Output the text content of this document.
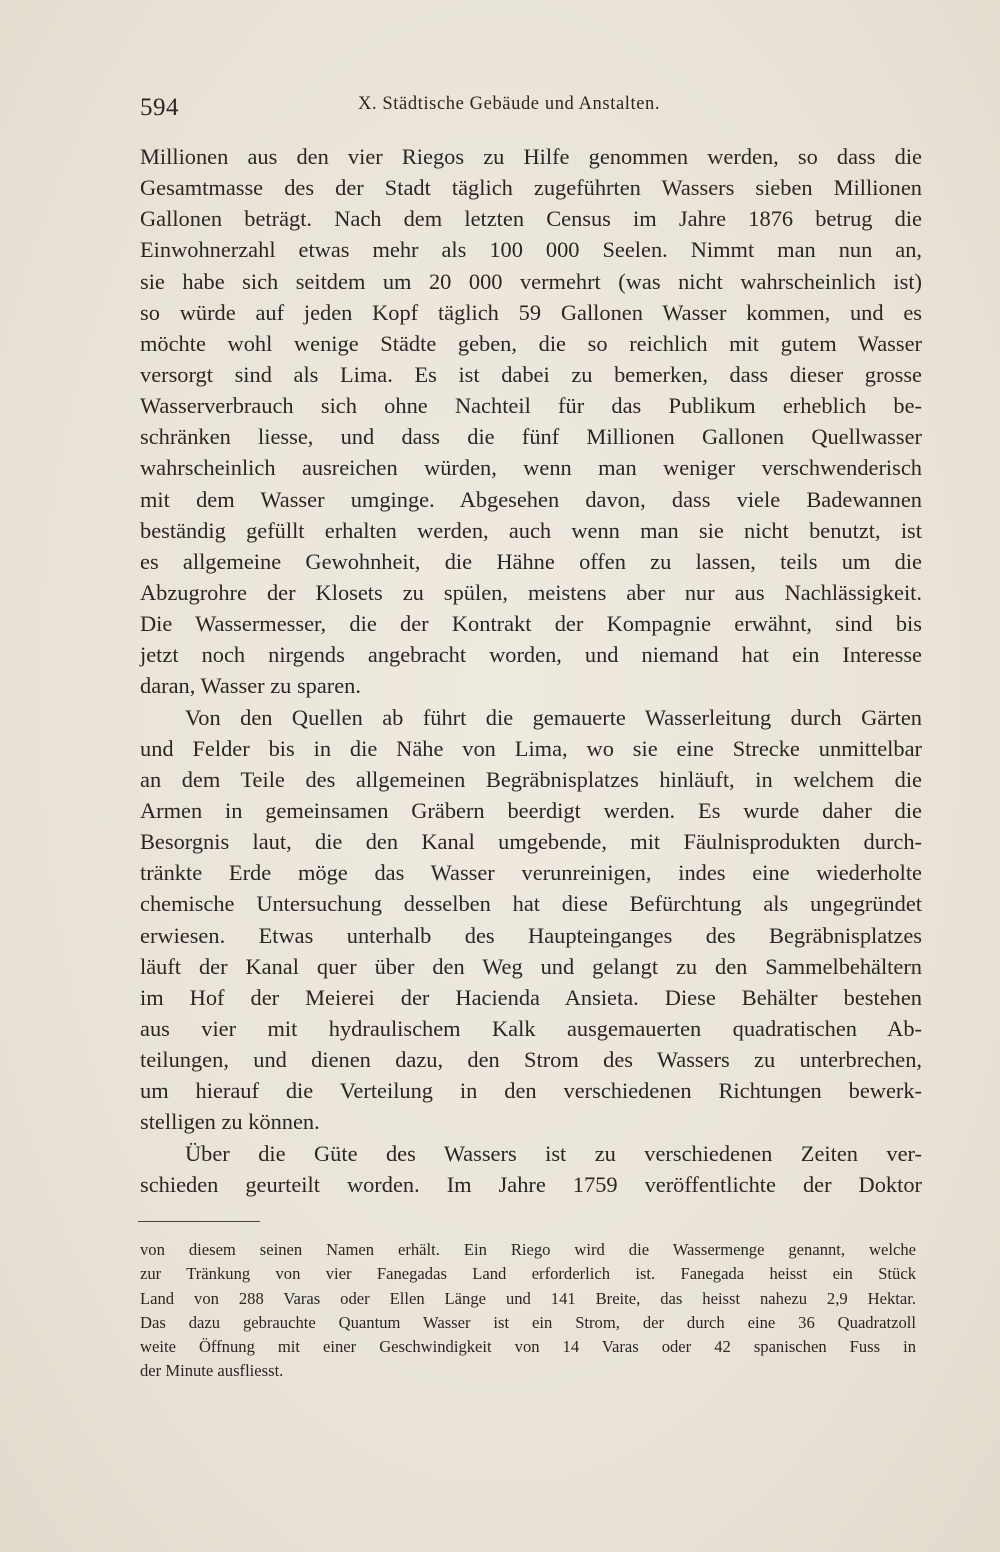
594	X. Städtische Gebäude und Anstalten.
Millionen aus den vier Riegos zu Hilfe genommen werden, so dass die
Gesamtmasse des der Stadt täglich zugeführten Wassers sieben Millionen
Gallonen beträgt. Nach dem letzten Census im Jahre 1876 betrug die
Einwohnerzahl etwas mehr als 100 000 Seelen. Nimmt man nun an,
sie habe sich seitdem um 20 000 vermehrt (was nicht wahrscheinlich ist)
so würde auf jeden Kopf täglich 59 Gallonen Wasser kommen, und es
möchte wohl wenige Städte geben, die so reichlich mit gutem Wasser
versorgt sind als Lima. Es ist dabei zu bemerken, dass dieser grosse
Wasserverbrauch sich ohne Nachteil für das Publikum erheblich be-
schränken liesse, und dass die fünf Millionen Gallonen Quellwasser
wahrscheinlich ausreichen würden, wenn man weniger verschwenderisch
mit dem Wasser umginge. Abgesehen davon, dass viele Badewannen
beständig gefüllt erhalten werden, auch wenn man sie nicht benutzt, ist
es allgemeine Gewohnheit, die Hähne offen zu lassen, teils um die
Abzugrohre der Klosets zu spülen, meistens aber nur aus Nachlässigkeit.
Die Wassermesser, die der Kontrakt der Kompagnie erwähnt, sind bis
jetzt noch nirgends angebracht worden, und niemand hat ein Interesse
daran, Wasser zu sparen.
Von den Quellen ab führt die gemauerte Wasserleitung durch Gärten
und Felder bis in die Nähe von Lima, wo sie eine Strecke unmittelbar
an dem Teile des allgemeinen Begräbnisplatzes hinläuft, in welchem die
Armen in gemeinsamen Gräbern beerdigt werden. Es wurde daher die
Besorgnis laut, die den Kanal umgebende, mit Fäulnisprodukten durch-
tränkte Erde möge das Wasser verunreinigen, indes eine wiederholte
chemische Untersuchung desselben hat diese Befürchtung als ungegründet
erwiesen. Etwas unterhalb des Haupteinganges des Begräbnisplatzes
läuft der Kanal quer über den Weg und gelangt zu den Sammelbehältern
im Hof der Meierei der Hacienda Ansieta. Diese Behälter bestehen
aus vier mit hydraulischem Kalk ausgemauerten quadratischen Ab-
teilungen, und dienen dazu, den Strom des Wassers zu unterbrechen,
um hierauf die Verteilung in den verschiedenen Richtungen bewerk-
stelligen zu können.
Über die Güte des Wassers ist zu verschiedenen Zeiten ver-
schieden geurteilt worden. Im Jahre 1759 veröffentlichte der Doktor
von diesem seinen Namen erhält. Ein Riego wird die Wassermenge genannt, welche
zur Tränkung von vier Fanegadas Land erforderlich ist. Fanegada heisst ein Stück
Land von 288 Varas oder Ellen Länge und 141 Breite, das heisst nahezu 2,9 Hektar.
Das dazu gebrauchte Quantum Wasser ist ein Strom, der durch eine 36 Quadratzoll
weite Öffnung mit einer Geschwindigkeit von 14 Varas oder 42 spanischen Fuss in
der Minute ausfliesst.
